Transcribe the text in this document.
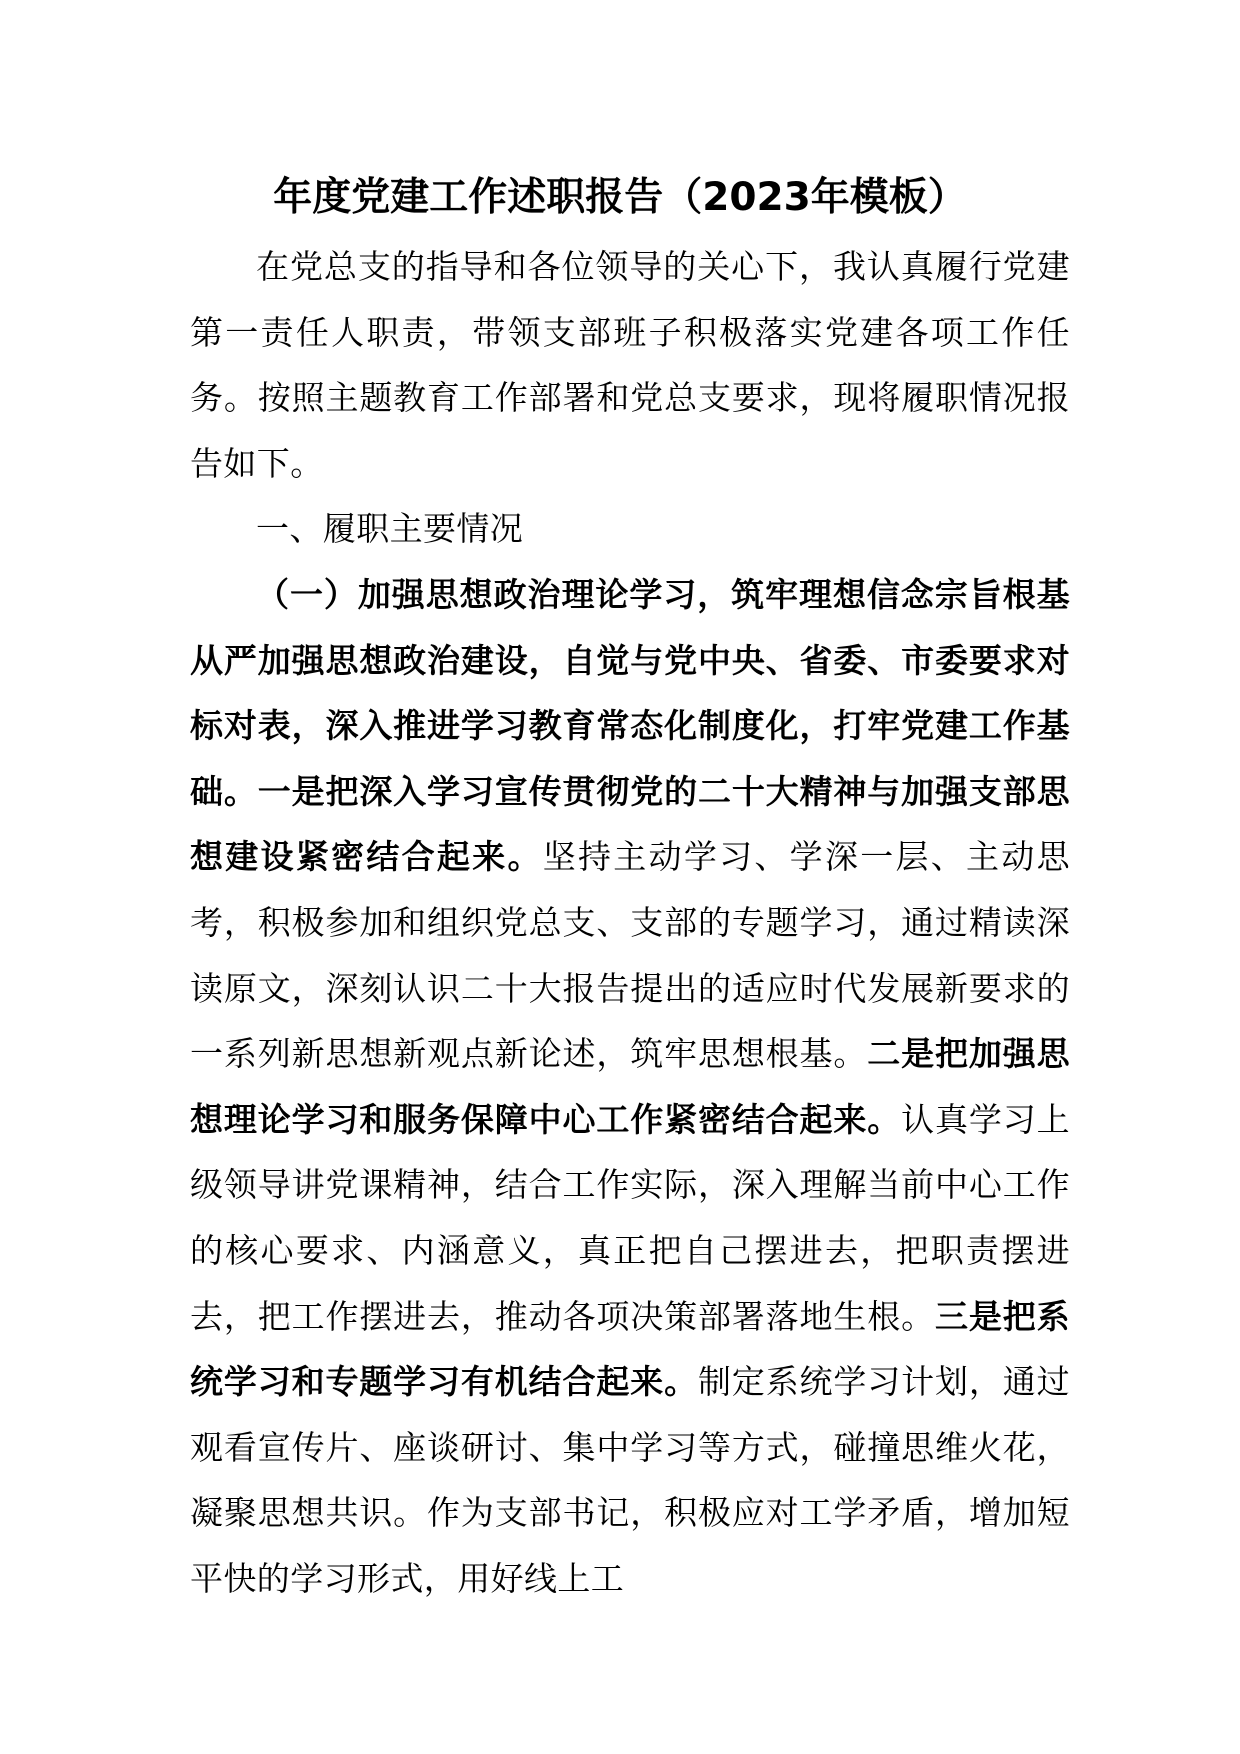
年度党建工作述职报告（2023年模板）

在党总支的指导和各位领导的关心下，我认真履行党建第一责任人职责，带领支部班子积极落实党建各项工作任务。按照主题教育工作部署和党总支要求，现将履职情况报告如下。

一、履职主要情况

（一）加强思想政治理论学习，筑牢理想信念宗旨根基从严加强思想政治建设，自觉与党中央、省委、市委要求对标对表，深入推进学习教育常态化制度化，打牢党建工作基础。一是把深入学习宣传贯彻党的二十大精神与加强支部思想建设紧密结合起来。坚持主动学习、学深一层、主动思考，积极参加和组织党总支、支部的专题学习，通过精读深读原文，深刻认识二十大报告提出的适应时代发展新要求的一系列新思想新观点新论述，筑牢思想根基。二是把加强思想理论学习和服务保障中心工作紧密结合起来。认真学习上级领导讲党课精神，结合工作实际，深入理解当前中心工作的核心要求、内涵意义，真正把自己摆进去，把职责摆进去，把工作摆进去，推动各项决策部署落地生根。三是把系统学习和专题学习有机结合起来。制定系统学习计划，通过观看宣传片、座谈研讨、集中学习等方式，碰撞思维火花，凝聚思想共识。作为支部书记，积极应对工学矛盾，增加短平快的学习形式，用好线上工
